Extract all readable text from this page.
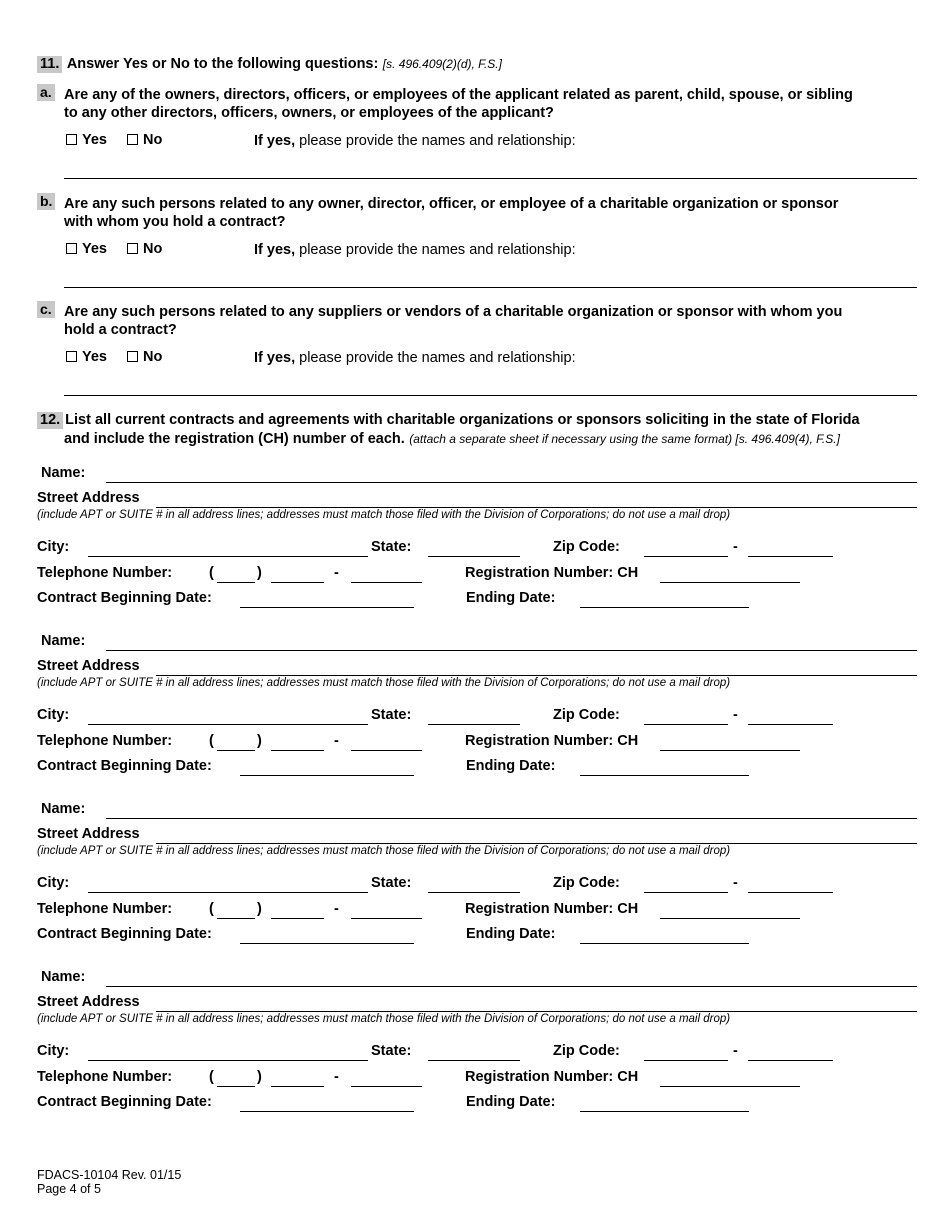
11. Answer Yes or No to the following questions: [s. 496.409(2)(d), F.S.]
a. Are any of the owners, directors, officers, or employees of the applicant related as parent, child, spouse, or sibling
to any other directors, officers, owners, or employees of the applicant?
Yes No	If yes, please provide the names and relationship:
b. Are any such persons related to any owner, director, officer, or employee of a charitable organization or sponsor
with whom you hold a contract?
Yes No	If yes, please provide the names and relationship:
c. Are any such persons related to any suppliers or vendors of a charitable organization or sponsor with whom you
hold a contract?
Yes No	If yes, please provide the names and relationship:
12. List all current contracts and agreements with charitable organizations or sponsors soliciting in the state of Florida
and include the registration (CH) number of each. (attach a separate sheet if necessary using the same format) [s. 496.409(4), F.S.]
Name:
Street Address
(include APT or SUITE # in all address lines; addresses must match those filed with the Division of Corporations; do not use a mail drop)
City:	State:	Zip Code:	-
Telephone Number:	(	)	-	Registration Number: CH
Contract Beginning Date:	Ending Date:
Name:
Street Address
(include APT or SUITE # in all address lines; addresses must match those filed with the Division of Corporations; do not use a mail drop)
City:	State:	Zip Code:	-
Telephone Number:	(	)	-	Registration Number: CH
Contract Beginning Date:	Ending Date:
Name:
Street Address
(include APT or SUITE # in all address lines; addresses must match those filed with the Division of Corporations; do not use a mail drop)
City:	State:	Zip Code:	-
Telephone Number:	(	)	-	Registration Number: CH
Contract Beginning Date:	Ending Date:
Name:
Street Address
(include APT or SUITE # in all address lines; addresses must match those filed with the Division of Corporations; do not use a mail drop)
City:	State:	Zip Code:	-
Telephone Number:	(	)	-	Registration Number: CH
Contract Beginning Date:	Ending Date:
FDACS-10104 Rev. 01/15
Page 4 of 5
